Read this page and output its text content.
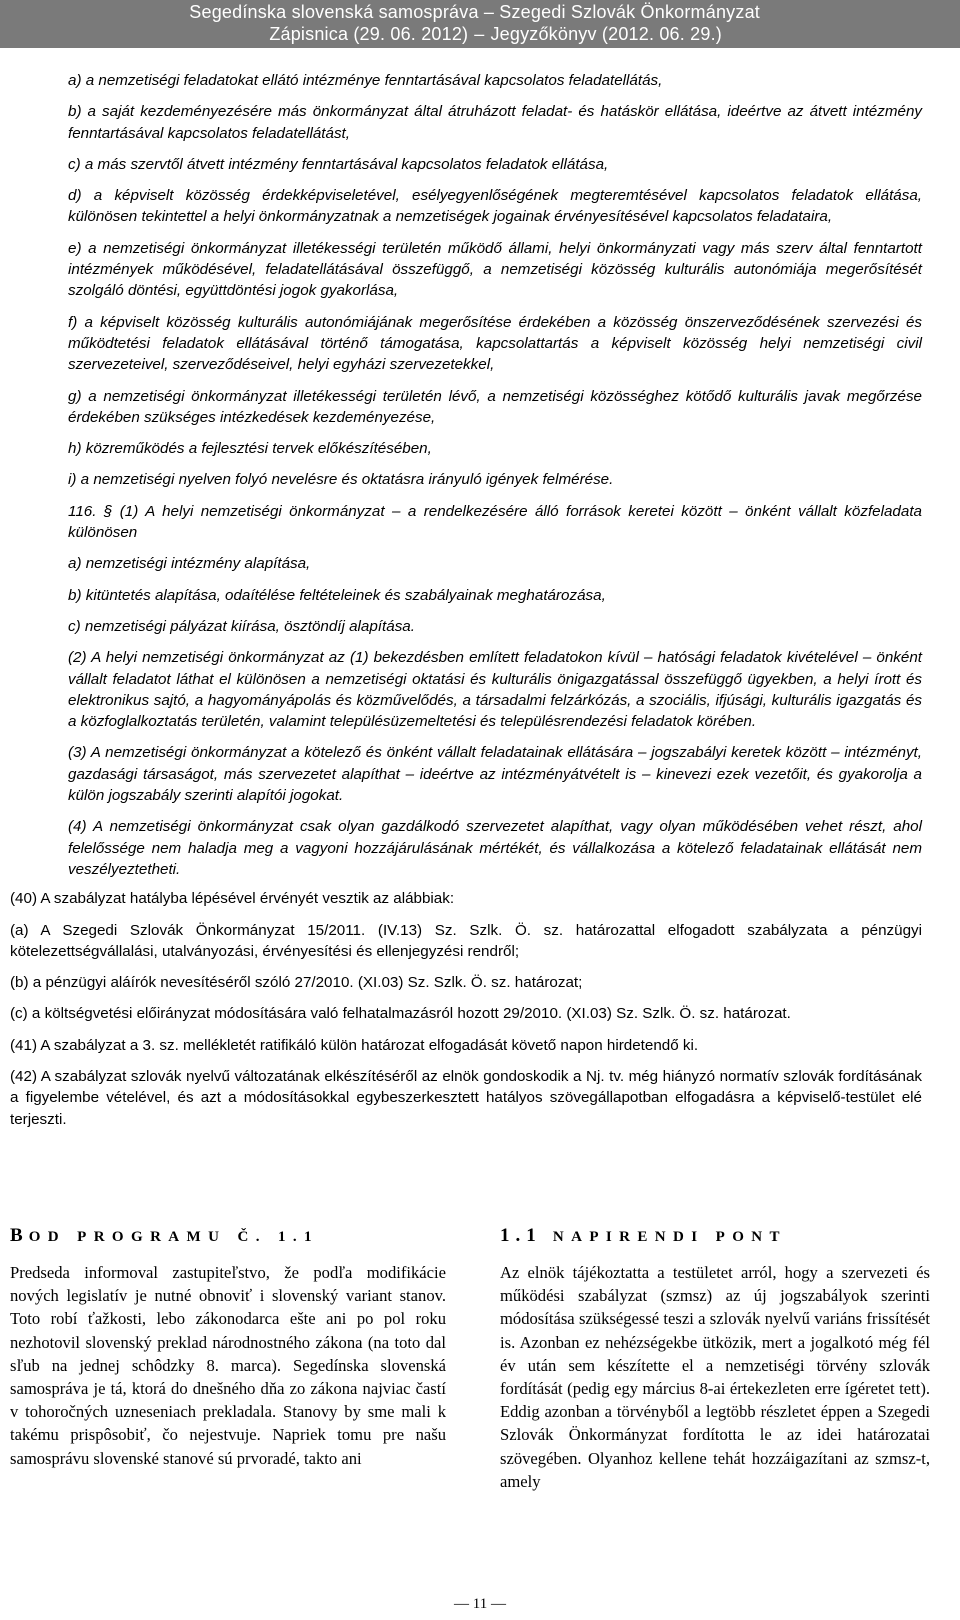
Segedínska slovenská samospráva – Szegedi Szlovák Önkormányzat
Zápisnica (29. 06. 2012) – Jegyzőkönyv (2012. 06. 29.)

a) a nemzetiségi feladatokat ellátó intézménye fenntartásával kapcsolatos feladatellátás,

b) a saját kezdeményezésére más önkormányzat által átruházott feladat- és hatáskör ellátása, ideértve az átvett intézmény fenntartásával kapcsolatos feladatellátást,

c) a más szervtől átvett intézmény fenntartásával kapcsolatos feladatok ellátása,

d) a képviselt közösség érdekképviseletével, esélyegyenlőségének megteremtésével kapcsolatos feladatok ellátása, különösen tekintettel a helyi önkormányzatnak a nemzetiségek jogainak érvényesítésével kapcsolatos feladataira,

e) a nemzetiségi önkormányzat illetékességi területén működő állami, helyi önkormányzati vagy más szerv által fenntartott intézmények működésével, feladatellátásával összefüggő, a nemzetiségi közösség kulturális autonómiája megerősítését szolgáló döntési, együttdöntési jogok gyakorlása,

f) a képviselt közösség kulturális autonómiájának megerősítése érdekében a közösség önszerveződésének szervezési és működtetési feladatok ellátásával történő támogatása, kapcsolattartás a képviselt közösség helyi nemzetiségi civil szervezeteivel, szerveződéseivel, helyi egyházi szervezetekkel,

g) a nemzetiségi önkormányzat illetékességi területén lévő, a nemzetiségi közösséghez kötődő kulturális javak megőrzése érdekében szükséges intézkedések kezdeményezése,

h) közreműködés a fejlesztési tervek előkészítésében,

i) a nemzetiségi nyelven folyó nevelésre és oktatásra irányuló igények felmérése.

116. § (1) A helyi nemzetiségi önkormányzat – a rendelkezésére álló források keretei között – önként vállalt közfeladata különösen

a) nemzetiségi intézmény alapítása,

b) kitüntetés alapítása, odaítélése feltételeinek és szabályainak meghatározása,

c) nemzetiségi pályázat kiírása, ösztöndíj alapítása.

(2) A helyi nemzetiségi önkormányzat az (1) bekezdésben említett feladatokon kívül – hatósági feladatok kivételével – önként vállalt feladatot láthat el különösen a nemzetiségi oktatási és kulturális önigazgatással összefüggő ügyekben, a helyi írott és elektronikus sajtó, a hagyományápolás és közművelődés, a társadalmi felzárkózás, a szociális, ifjúsági, kulturális igazgatás és a közfoglalkoztatás területén, valamint településüzemeltetési és településrendezési feladatok körében.

(3) A nemzetiségi önkormányzat a kötelező és önként vállalt feladatainak ellátására – jogszabályi keretek között – intézményt, gazdasági társaságot, más szervezetet alapíthat – ideértve az intézményátvételt is – kinevezi ezek vezetőit, és gyakorolja a külön jogszabály szerinti alapítói jogokat.

(4) A nemzetiségi önkormányzat csak olyan gazdálkodó szervezetet alapíthat, vagy olyan működésében vehet részt, ahol felelőssége nem haladja meg a vagyoni hozzájárulásának mértékét, és vállalkozása a kötelező feladatainak ellátását nem veszélyeztetheti.

(40) A szabályzat hatályba lépésével érvényét vesztik az alábbiak:

(a) A Szegedi Szlovák Önkormányzat 15/2011. (IV.13) Sz. Szlk. Ö. sz. határozattal elfogadott szabályzata a pénzügyi kötelezettségvállalási, utalványozási, érvényesítési és ellenjegyzési rendről;

(b) a pénzügyi aláírók nevesítéséről szóló 27/2010. (XI.03) Sz. Szlk. Ö. sz. határozat;

(c) a költségvetési előirányzat módosítására való felhatalmazásról hozott 29/2010. (XI.03) Sz. Szlk. Ö. sz. határozat.

(41) A szabályzat a 3. sz. mellékletét ratifikáló külön határozat elfogadását követő napon hirdetendő ki.

(42) A szabályzat szlovák nyelvű változatának elkészítéséről az elnök gondoskodik a Nj. tv. még hiányzó normatív szlovák fordításának a figyelembe vételével, és azt a módosításokkal egybeszerkesztett hatályos szövegállapotban elfogadásra a képviselő-testület elé terjeszti.

BOD PROGRAMU Č. 1.1
Predseda informoval zastupiteľstvo, že podľa modifikácie nových legislatív je nutné obnoviť i slovenský variant stanov. Toto robí ťažkosti, lebo zákonodarca ešte ani po pol roku nezhotovil slovenský preklad národnostného zákona (na toto dal sľub na jednej schôdzky 8. marca). Segedínska slovenská samospráva je tá, ktorá do dnešného dňa zo zákona najviac častí v tohoročných uzneseniach prekladala. Stanovy by sme mali k takému prispôsobiť, čo nejestvuje. Napriek tomu pre našu samosprávu slovenské stanové sú prvoradé, takto ani
1.1 NAPIRENDI PONT
Az elnök tájékoztatta a testületet arról, hogy a szervezeti és működési szabályzat (szmsz) az új jogszabályok szerinti módosítása szükségessé teszi a szlovák nyelvű variáns frissítését is. Azonban ez nehézségekbe ütközik, mert a jogalkotó még fél év után sem készítette el a nemzetiségi törvény szlovák fordítását (pedig egy március 8-ai értekezleten erre ígéretet tett). Eddig azonban a törvényből a legtöbb részletet éppen a Szegedi Szlovák Önkormányzat fordította le az idei határozatai szövegében. Olyanhoz kellene tehát hozzáigazítani az szmsz-t, amely
— 11 —
